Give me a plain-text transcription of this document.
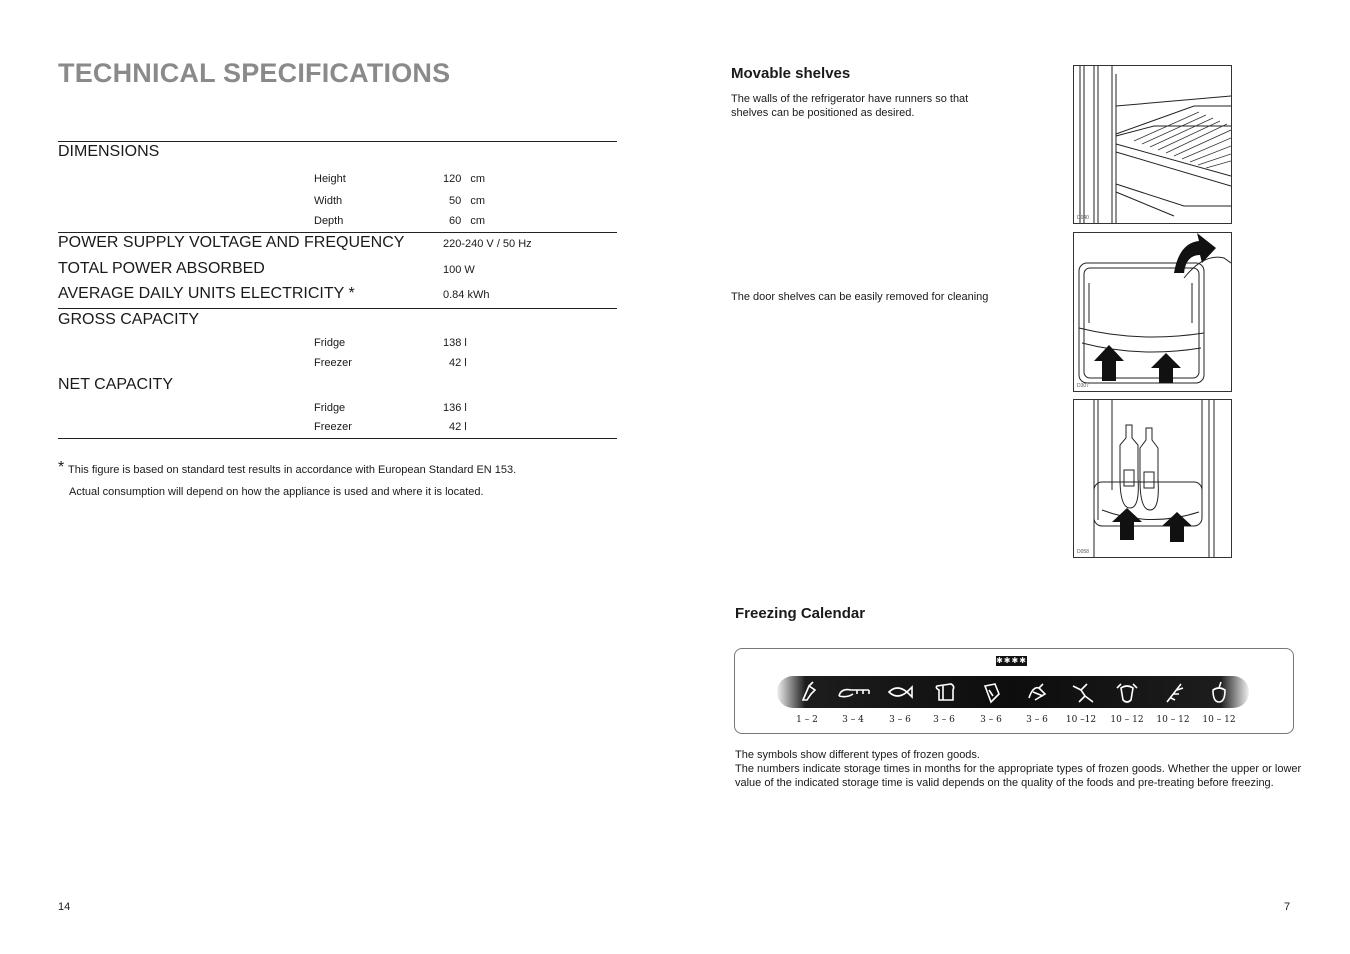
TECHNICAL SPECIFICATIONS
DIMENSIONS
Height	120 cm
Width	50 cm
Depth	60 cm
POWER SUPPLY VOLTAGE AND FREQUENCY	220-240 V / 50 Hz
TOTAL POWER ABSORBED	100 W
AVERAGE DAILY UNITS ELECTRICITY *	0.84 kWh
GROSS CAPACITY
Fridge	138 l
Freezer	42 l
NET CAPACITY
Fridge	136 l
Freezer	42 l
* This figure is based on standard test results in accordance with European Standard EN 153.
Actual consumption will depend on how the appliance is used and where it is located.
14
Movable shelves
The walls of the refrigerator have runners so that
shelves can be positioned as desired.
The door shelves can be easily removed for cleaning
D040
D307
D058
Freezing Calendar
✱✱✱✱
1 – 2	3 – 4	3 – 6	3 – 6	3 – 6	3 – 6	10 –12	10 – 12	10 – 12	10 – 12
The symbols show different types of frozen goods.
The numbers indicate storage times in months for the appropriate types of frozen goods. Whether the upper or lower
value of the indicated storage time is valid depends on the quality of the foods and pre-treating before freezing.
7
